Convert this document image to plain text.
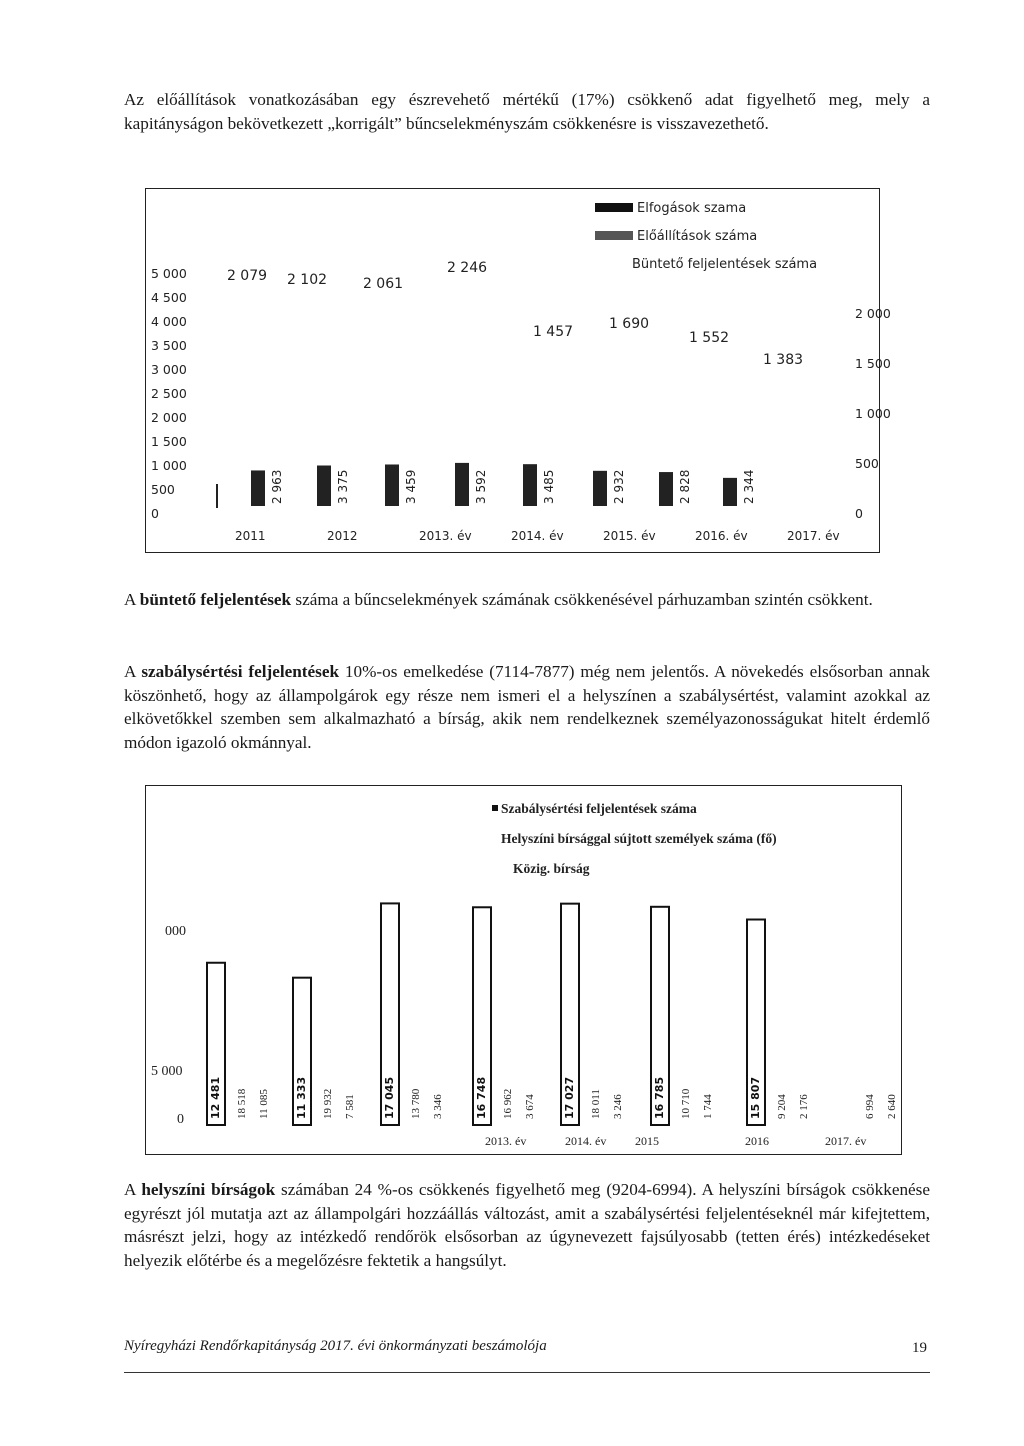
Az előállítások vonatkozásában egy észrevehető mértékű (17%) csökkenő adat figyelhető meg, mely a kapitányságon bekövetkezett „korrigált” bűncselekményszám csökkenésre is visszavezethető.

Elfogások szama
Előállítások száma
Büntető feljelentések száma
5 000
4 500
4 000
3 500
3 000
2 500
2 000
1 500
1 000
500
0
2 000
1 500
1 000
500
0
2 079 2 102	2 061
2 246
1 457	1 690
1 552
1 383
2 963	3 375	3 459	3 592	3 485	2 932	2 828	2 344
2011	2012	2013. év	2014. év	2015. év	2016. év	2017. év

A büntető feljelentések száma a bűncselekmények számának csökkenésével párhuzamban szintén csökkent.

A szabálysértési feljelentések 10%-os emelkedése (7114-7877) még nem jelentős. A növekedés elsősorban annak köszönhető, hogy az állampolgárok egy része nem ismeri el a helyszínen a szabálysértést, valamint azokkal az elkövetőkkel szemben sem alkalmazható a bírság, akik nem rendelkeznek személyazonosságukat hitelt érdemlő módon igazoló okmánnyal.

Szabálysértési feljelentések száma
Helyszíni bírsággal sújtott személyek száma (fő)
Közig. bírság
000
5 000
0
12 481	11 333	17 045	16 748	17 027	16 785	15 807
18 518	19 932	13 780	16 962	18 011	10 710	9 204	6 994
11 085	7 581	3 346	3 674	3 246	1 744	2 176	2 640
2013. év	2014. év 2015	2016	2017. év

A helyszíni bírságok számában 24 %-os csökkenés figyelhető meg (9204-6994). A helyszíni bírságok csökkenése egyrészt jól mutatja azt az állampolgári hozzáállás változást, amit a szabálysértési feljelentéseknél már kifejtettem, másrészt jelzi, hogy az intézkedő rendőrök elsősorban az úgynevezett fajsúlyosabb (tetten érés) intézkedéseket helyezik előtérbe és a megelőzésre fektetik a hangsúlyt.

Nyíregyházi Rendőrkapitányság 2017. évi önkormányzati beszámolója	19
